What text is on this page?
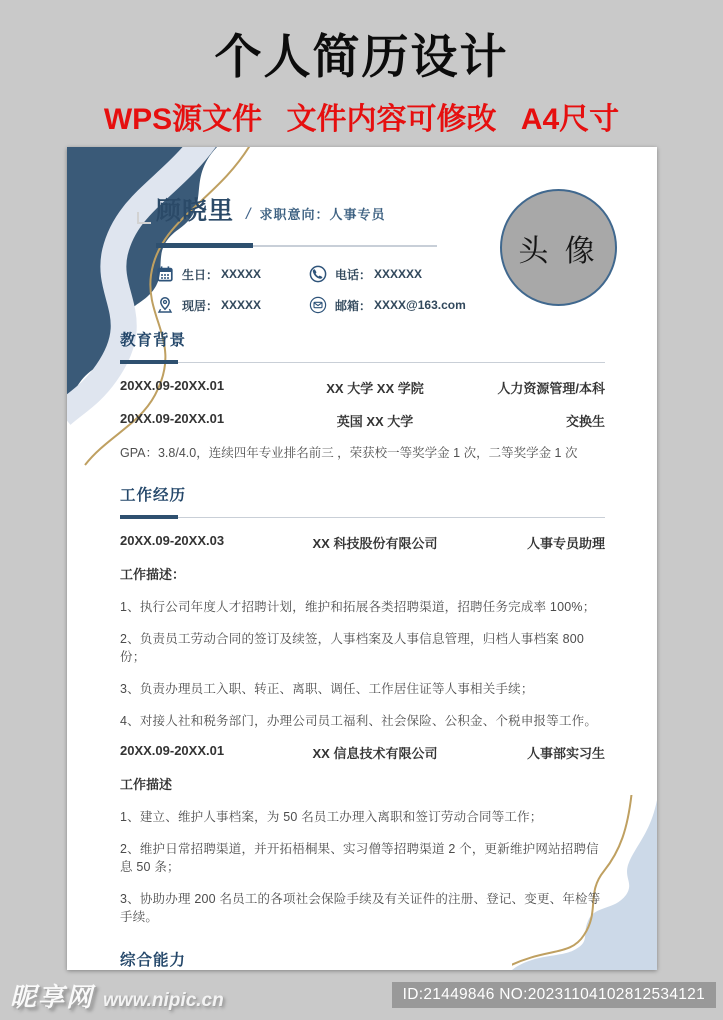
个人简历设计
WPS源文件 文件内容可修改 A4尺寸
头 像
顾晓里 / 求职意向：人事专员
生日： XXXXX	电话： XXXXXX
现居： XXXXX	邮箱： XXXX@163.com
教育背景
20XX.09-20XX.01	XX 大学 XX 学院	人力资源管理/本科
20XX.09-20XX.01	英国 XX 大学	交换生
GPA：3.8/4.0，连续四年专业排名前三 ，荣获校一等奖学金 1 次，二等奖学金 1 次
工作经历
20XX.09-20XX.03	XX 科技股份有限公司	人事专员助理
工作描述：
1、执行公司年度人才招聘计划，维护和拓展各类招聘渠道，招聘任务完成率 100%；
2、负责员工劳动合同的签订及续签，人事档案及人事信息管理，归档人事档案 800 份；
3、负责办理员工入职、转正、离职、调任、工作居住证等人事相关手续；
4、对接人社和税务部门，办理公司员工福利、社会保险、公积金、个税申报等工作。
20XX.09-20XX.01	XX 信息技术有限公司	人事部实习生
工作描述
1、建立、维护人事档案，为 50 名员工办理入离职和签订劳动合同等工作；
2、维护日常招聘渠道，并开拓梧桐果、实习僧等招聘渠道 2 个，更新维护网站招聘信息 50 条；
3、协助办理 200 名员工的各项社会保险手续及有关证件的注册、登记、变更、年检等手续。
综合能力
昵享网 www.nipic.cn	ID:21449846 NO:20231104102812534121
